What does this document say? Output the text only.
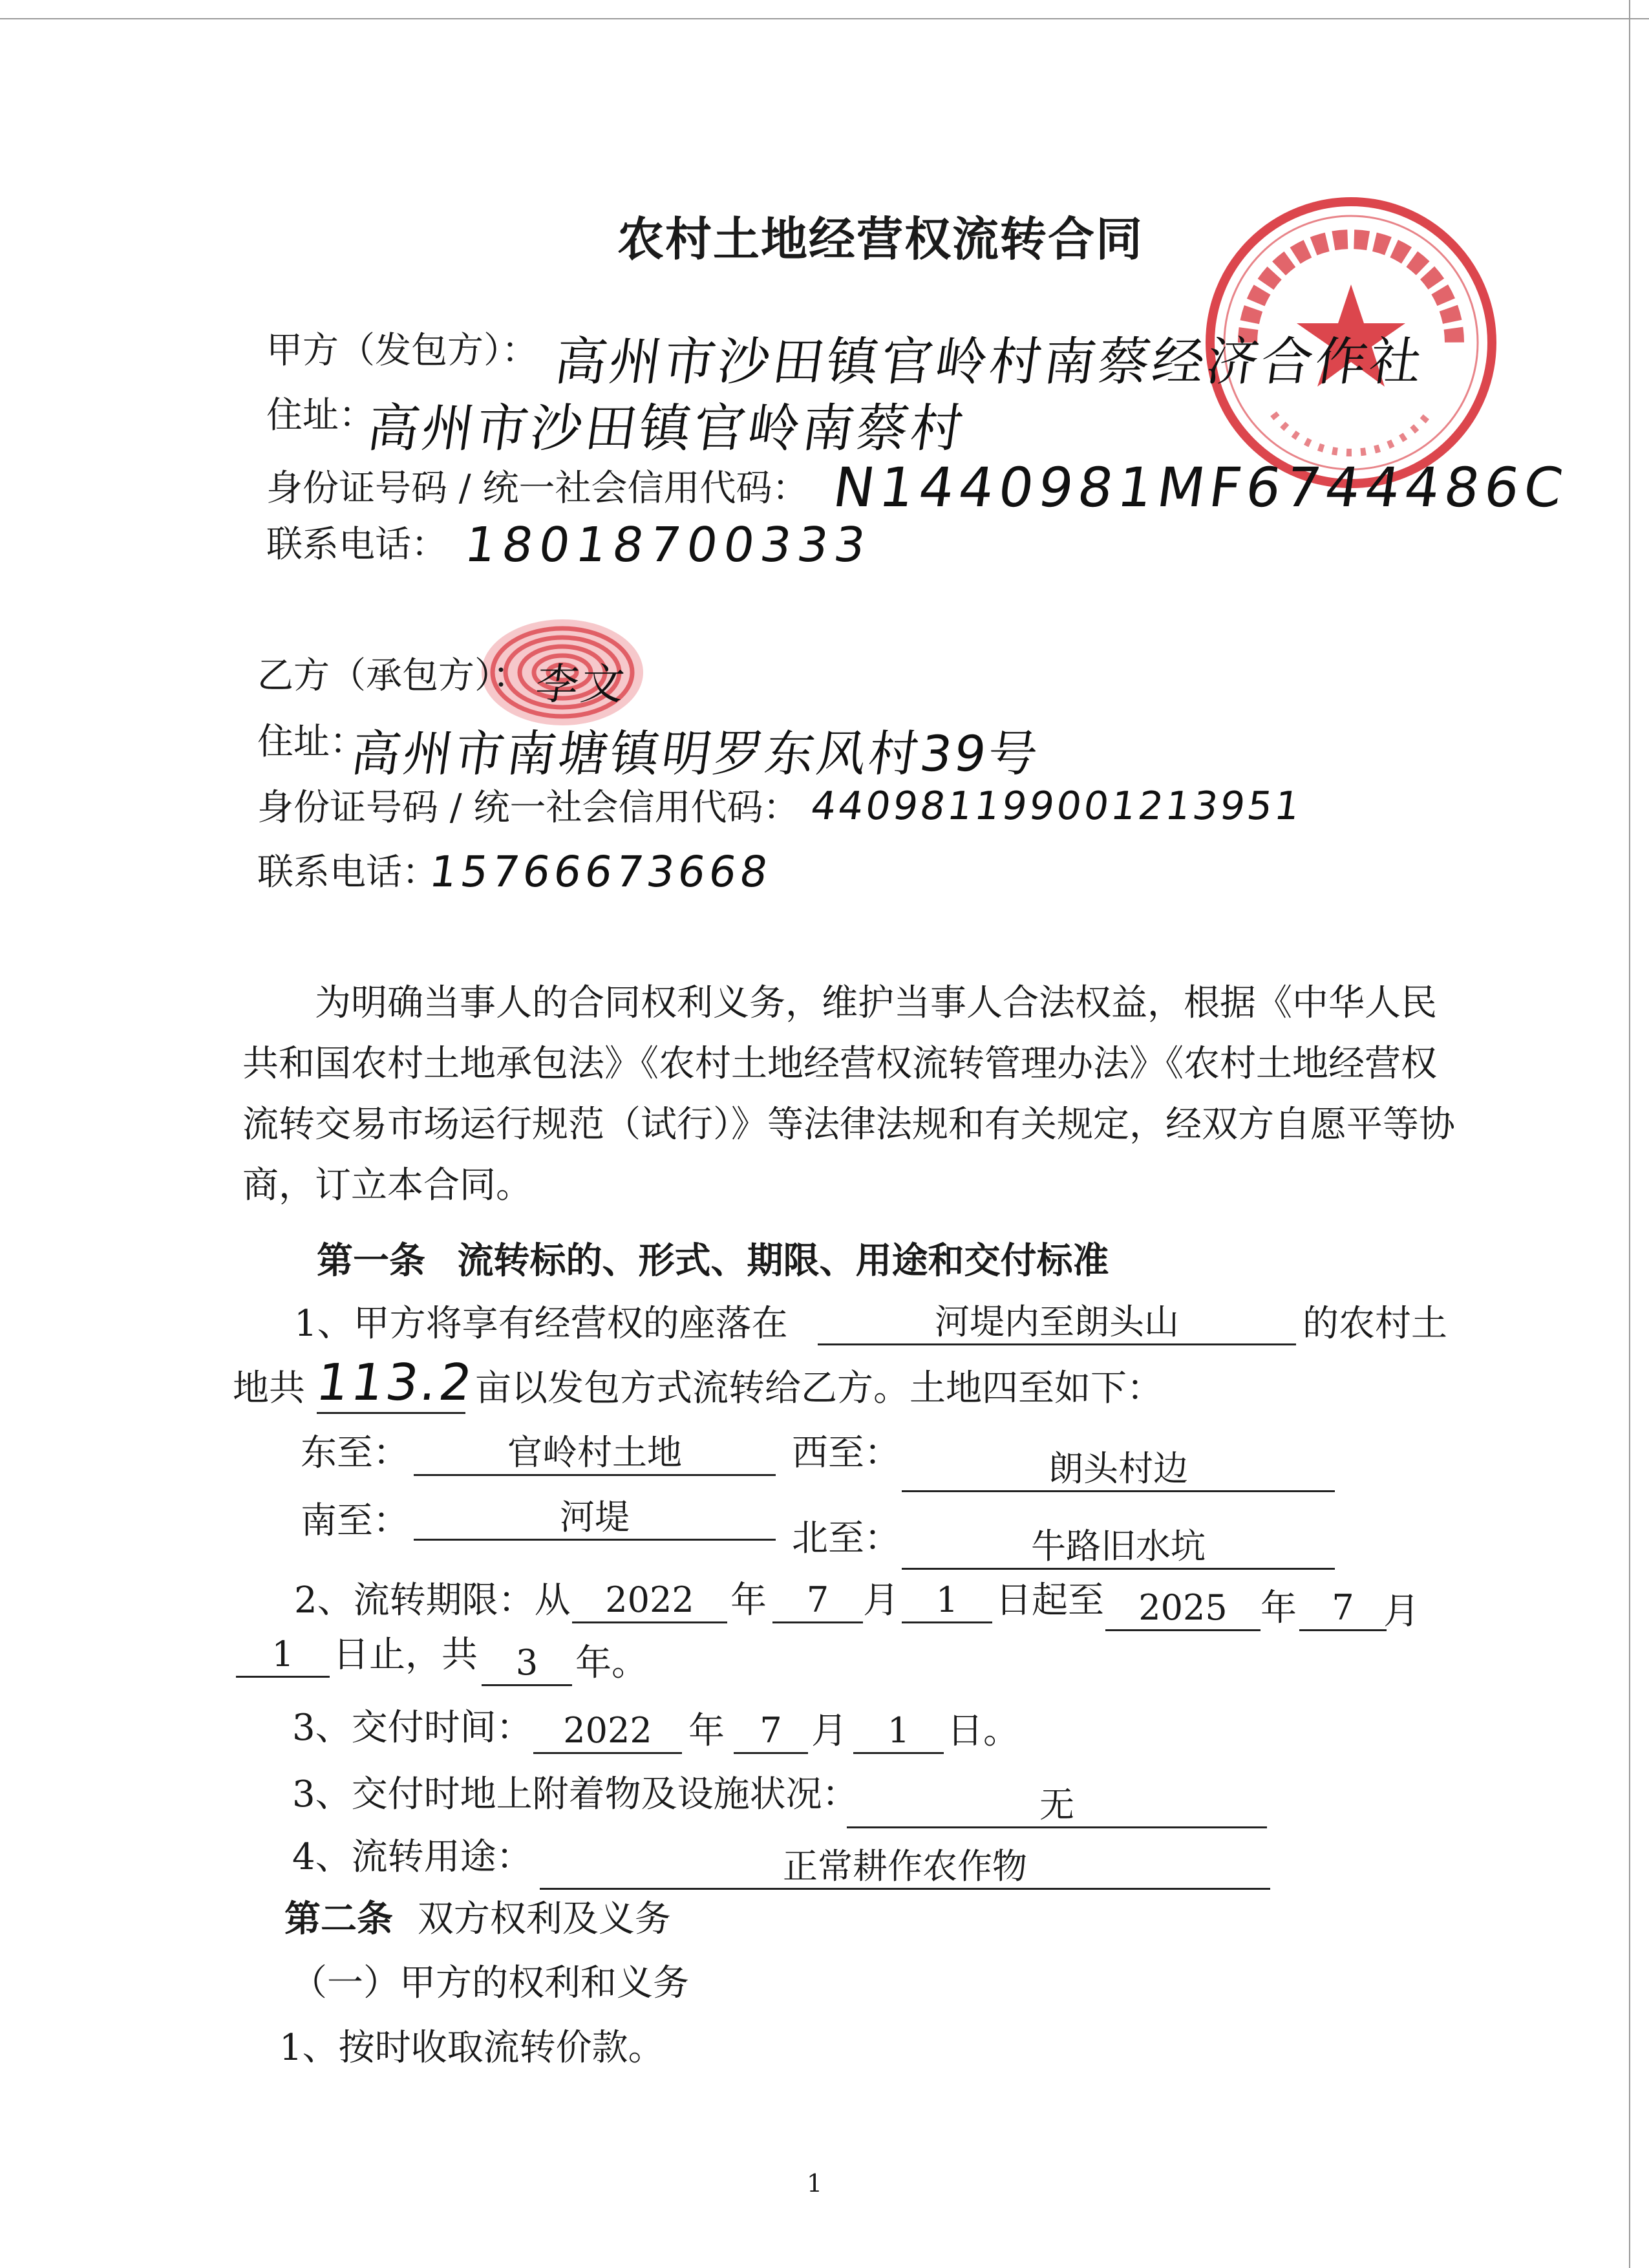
农村土地经营权流转合同
甲方（发包方）： 高州市沙田镇官岭村南蔡经济合作社
住址：
高州市沙田镇官岭南蔡村
身份证号码 / 统一社会信用代码： N1440981MF6744486C
联系电话： 18018700333
乙方（承包方）： 李文
住址：
高州市南塘镇明罗东风村39号
身份证号码 / 统一社会信用代码： 440981199001213951
联系电话：
15766673668
为明确当事人的合同权利义务，维护当事人合法权益，根据《中华人民共和国农村土地承包法》《农村土地经营权流转管理办法》《农村土地经营权流转交易市场运行规范（试行）》等法律法规和有关规定，经双方自愿平等协商，订立本合同。
第一条 流转标的、形式、期限、用途和交付标准
1、甲方将享有经营权的座落在	河堤内至朗头山	的农村土
地共 113.2
亩以发包方式流转给乙方。土地四至如下：
东至：	官岭村土地	西至：	朗头村边
南至：	河堤
北至：	牛路旧水坑
2、流转期限：从 2022	年	7 月	1	日起至 2025 年	7 月
1	日止，共	3	年。
3、交付时间： 2022	年	7 月	1	日。
3、交付时地上附着物及设施状况：	无
4、流转用途：	正常耕作农作物
第二条 双方权利及义务
（一）甲方的权利和义务
1、按时收取流转价款。
1
